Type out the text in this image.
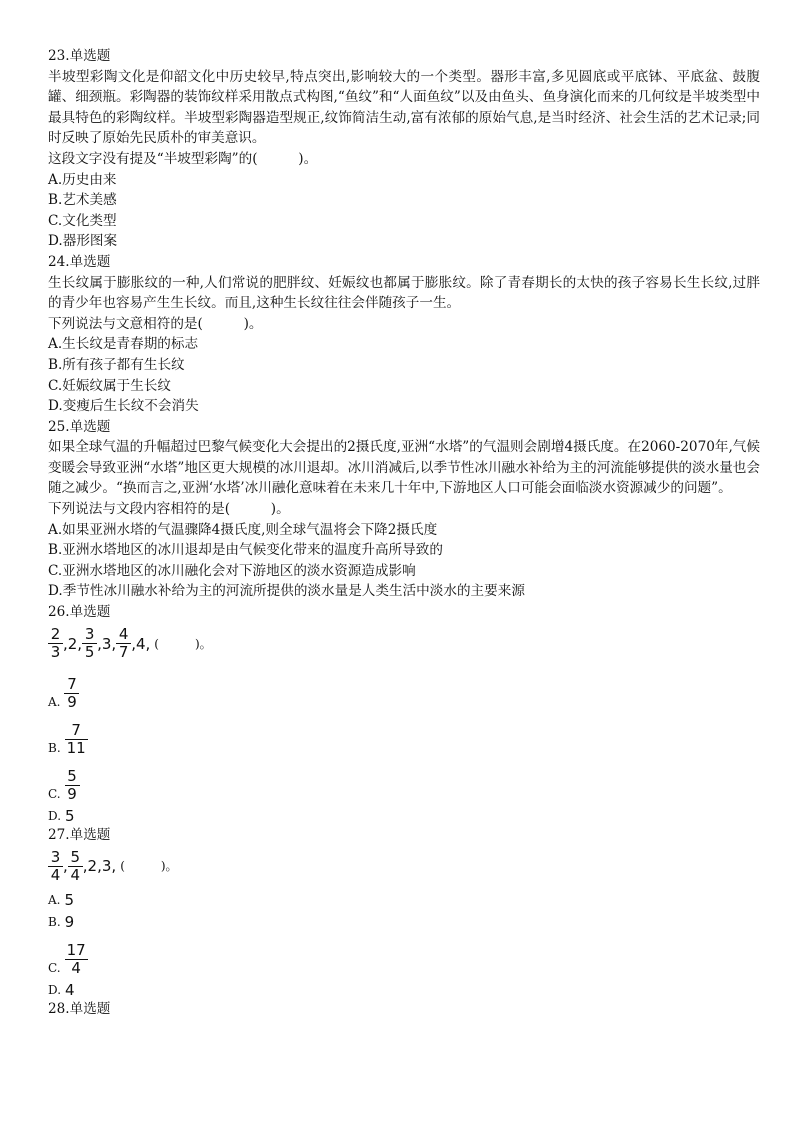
23.单选题
半坡型彩陶文化是仰韶文化中历史较早,特点突出,影响较大的一个类型。器形丰富,多见圆底或平底钵、平底盆、鼓腹罐、细颈瓶。彩陶器的装饰纹样采用散点式构图,“鱼纹”和“人面鱼纹”以及由鱼头、鱼身演化而来的几何纹是半坡类型中最具特色的彩陶纹样。半坡型彩陶器造型规正,纹饰简洁生动,富有浓郁的原始气息,是当时经济、社会生活的艺术记录;同时反映了原始先民质朴的审美意识。
这段文字没有提及“半坡型彩陶”的(　　　)。
A.历史由来
B.艺术美感
C.文化类型
D.器形图案
24.单选题
生长纹属于膨胀纹的一种,人们常说的肥胖纹、妊娠纹也都属于膨胀纹。除了青春期长的太快的孩子容易长生长纹,过胖的青少年也容易产生生长纹。而且,这种生长纹往往会伴随孩子一生。
下列说法与文意相符的是(　　　)。
A.生长纹是青春期的标志
B.所有孩子都有生长纹
C.妊娠纹属于生长纹
D.变瘦后生长纹不会消失
25.单选题
如果全球气温的升幅超过巴黎气候变化大会提出的2摄氏度,亚洲“水塔”的气温则会剧增4摄氏度。在2060-2070年,气候变暖会导致亚洲“水塔”地区更大规模的冰川退却。冰川消减后,以季节性冰川融水补给为主的河流能够提供的淡水量也会随之减少。“换而言之,亚洲‘水塔’冰川融化意味着在未来几十年中,下游地区人口可能会面临淡水资源减少的问题”。
下列说法与文段内容相符的是(　　　)。
A.如果亚洲水塔的气温骤降4摄氏度,则全球气温将会下降2摄氏度
B.亚洲水塔地区的冰川退却是由气候变化带来的温度升高所导致的
C.亚洲水塔地区的冰川融化会对下游地区的淡水资源造成影响
D.季节性冰川融水补给为主的河流所提供的淡水量是人类生活中淡水的主要来源
26.单选题
$\frac{2}{3} ,2$, $\frac{3}{5} ,3$, $\frac{4}{7} ,4$, (　　　)。
A. $\frac{7}{9}$
B. $\frac{7}{11}$
C. $\frac{5}{9}$
D. 5
27.单选题
$\frac{3}{4}$ , $\frac{5}{4} ,2,3$, (　　　)。
A. 5
B. 9
C. $\frac{17}{4}$
D. 4
28.单选题
